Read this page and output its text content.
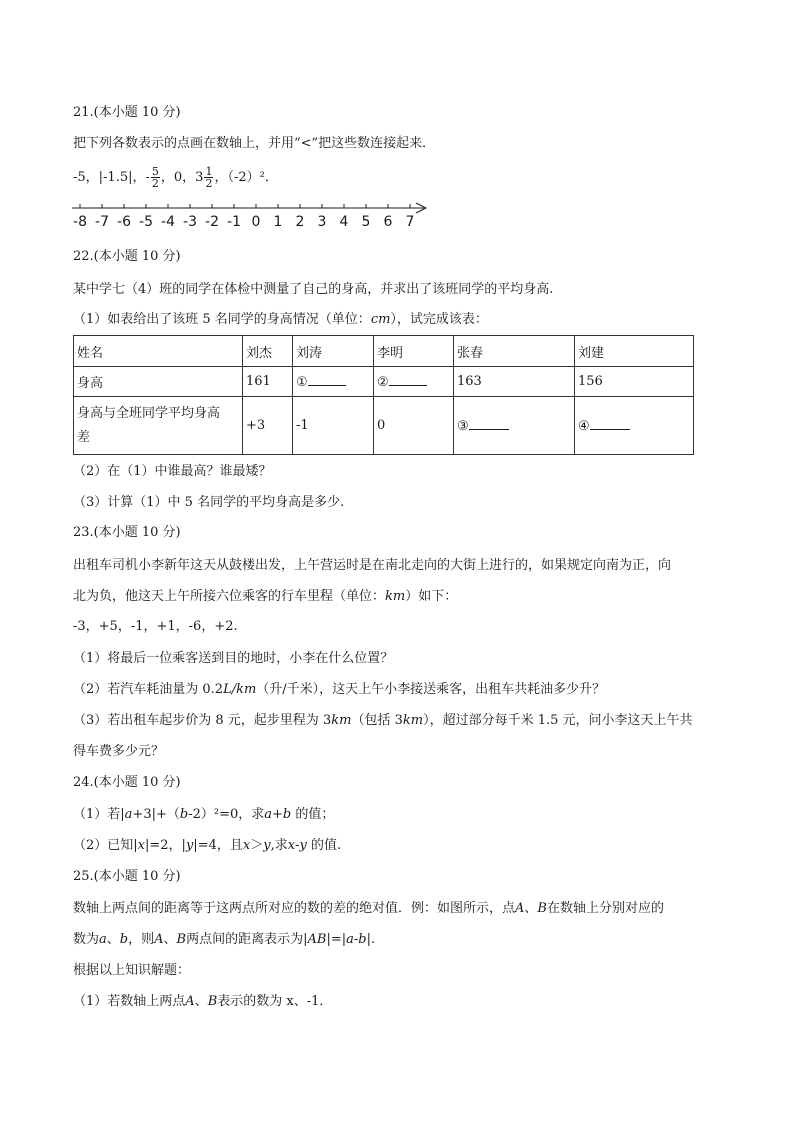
21.(本小题 10 分)
把下列各数表示的点画在数轴上，并用“<”把这些数连接起来．
-5，|-1.5|，- $\frac{5}{2}$ ，0，$3 \frac{1}{2}$ ，（-2）²．
-8 -7 -6 -5 -4 -3 -2 -1 0 1 2 3 4 5 6 7
22.(本小题 10 分)
某中学七（4）班的同学在体检中测量了自己的身高，并求出了该班同学的平均身高.
（1）如表给出了该班 5 名同学的身高情况（单位：cm），试完成该表：
姓名	刘杰	刘涛	李明	张春	刘建
身高	161	①	②	163	156
身高与全班同学平均身高
差	+3	-1	0	③	④
（2）在（1）中谁最高？谁最矮？
（3）计算（1）中 5 名同学的平均身高是多少.
23.(本小题 10 分)
出租车司机小李新年这天从鼓楼出发，上午营运时是在南北走向的大街上进行的，如果规定向南为正，向
北为负，他这天上午所接六位乘客的行车里程（单位：km）如下：
-3，+5，-1，+1，-6，+2.
（1）将最后一位乘客送到目的地时，小李在什么位置？
（2）若汽车耗油量为 0.2L/km（升/千米），这天上午小李接送乘客，出租车共耗油多少升？
（3）若出租车起步价为 8 元，起步里程为 3km（包括 3km），超过部分每千米 1.5 元，问小李这天上午共
得车费多少元？
24.(本小题 10 分)
（1）若|a+3|+（b-2）²=0，求a+b 的值；
（2）已知|x|=2，|y|=4，且x＞y,求x-y 的值.
25.(本小题 10 分)
数轴上两点间的距离等于这两点所对应的数的差的绝对值．例：如图所示，点A、B在数轴上分别对应的
数为a、b，则A、B两点间的距离表示为|AB|=|a-b|.
根据以上知识解题：
（1）若数轴上两点A、B表示的数为 x、-1．
